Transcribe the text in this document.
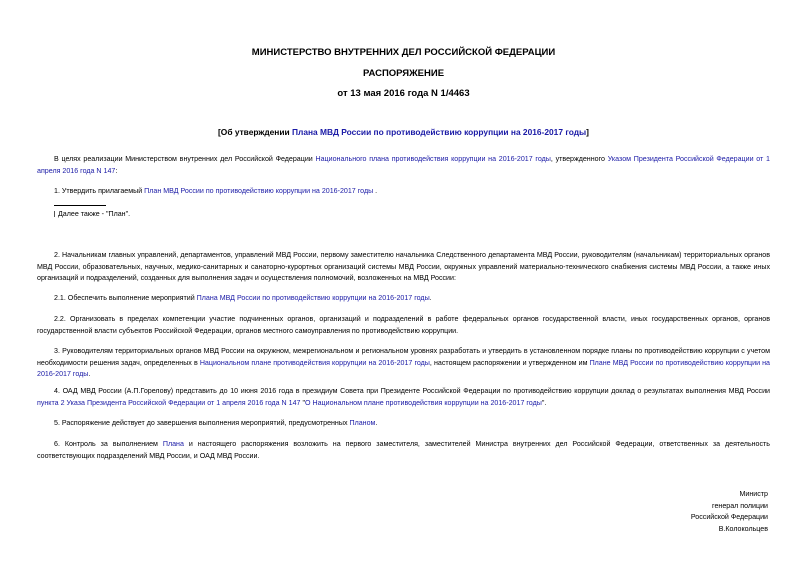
МИНИСТЕРСТВО ВНУТРЕННИХ ДЕЛ РОССИЙСКОЙ ФЕДЕРАЦИИ
РАСПОРЯЖЕНИЕ
от 13 мая 2016 года N 1/4463
[Об утверждении Плана МВД России по противодействию коррупции на 2016-2017 годы]

В целях реализации Министерством внутренних дел Российской Федерации Национального плана противодействия коррупции на 2016-2017 годы, утвержденного Указом Президента Российской Федерации от 1 апреля 2016 года N 147:

1. Утвердить прилагаемый План МВД России по противодействию коррупции на 2016-2017 годы .

Далее также - "План".

2. Начальникам главных управлений, департаментов, управлений МВД России, первому заместителю начальника Следственного департамента МВД России, руководителям (начальникам) территориальных органов МВД России, образовательных, научных, медико-санитарных и санаторно-курортных организаций системы МВД России, окружных управлений материально-технического снабжения системы МВД России, а также иных организаций и подразделений, созданных для выполнения задач и осуществления полномочий, возложенных на МВД России:

2.1. Обеспечить выполнение мероприятий Плана МВД России по противодействию коррупции на 2016-2017 годы.

2.2. Организовать в пределах компетенции участие подчиненных органов, организаций и подразделений в работе федеральных органов государственной власти, иных государственных органов, органов государственной власти субъектов Российской Федерации, органов местного самоуправления по противодействию коррупции.

3. Руководителям территориальных органов МВД России на окружном, межрегиональном и региональном уровнях разработать и утвердить в установленном порядке планы по противодействию коррупции с учетом необходимости решения задач, определенных в Национальном плане противодействия коррупции на 2016-2017 годы, настоящем распоряжении и утвержденном им Плане МВД России по противодействию коррупции на 2016-2017 годы.

4. ОАД МВД России (А.П.Горелову) представить до 10 июня 2016 года в президиум Совета при Президенте Российской Федерации по противодействию коррупции доклад о результатах выполнения МВД России пункта 2 Указа Президента Российской Федерации от 1 апреля 2016 года N 147 "О Национальном плане противодействия коррупции на 2016-2017 годы".

5. Распоряжение действует до завершения выполнения мероприятий, предусмотренных Планом.

6. Контроль за выполнением Плана и настоящего распоряжения возложить на первого заместителя, заместителей Министра внутренних дел Российской Федерации, ответственных за деятельность соответствующих подразделений МВД России, и ОАД МВД России.

Министр
генерал полиции
Российской Федерации
В.Колокольцев
